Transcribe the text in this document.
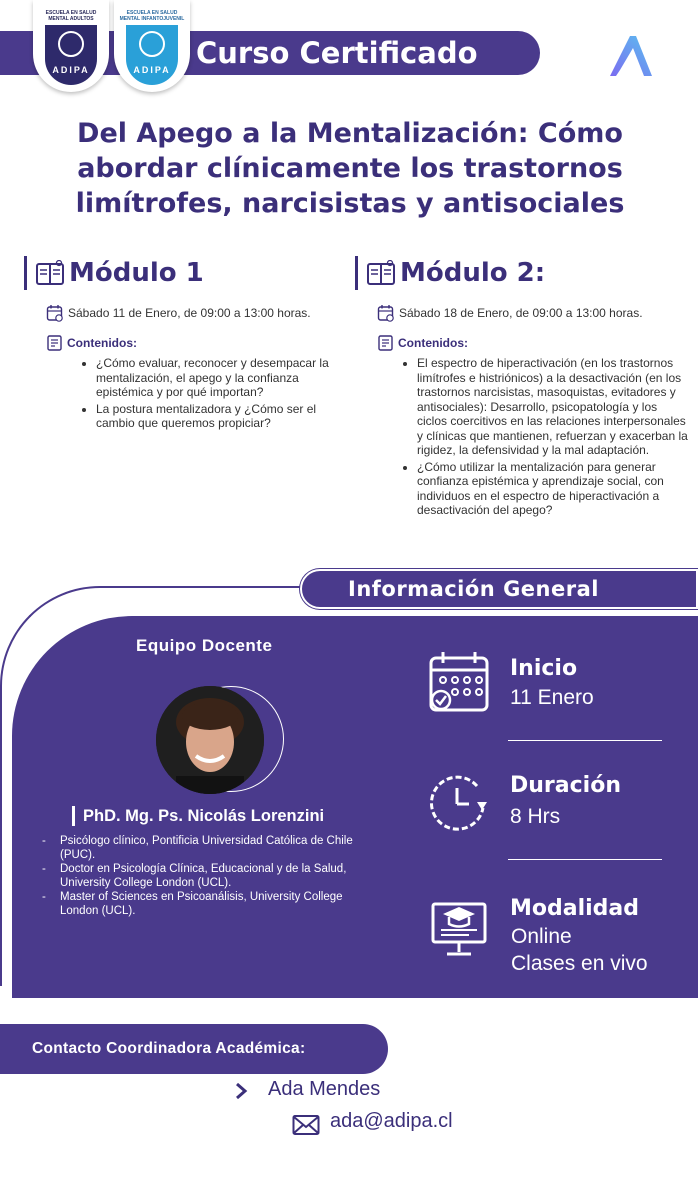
Curso Certificado
ESCUELA EN SALUD MENTAL ADULTOS
ADIPA
ESCUELA EN SALUD MENTAL INFANTOJUVENIL
ADIPA
Del Apego a la Mentalización: Cómo abordar clínicamente los trastornos limítrofes, narcisistas y antisociales
Módulo 1
Sábado 11 de Enero, de 09:00 a 13:00 horas.
Contenidos:
• ¿Cómo evaluar, reconocer y desempacar la mentalización, el apego y la confianza epistémica y por qué importan?
• La postura mentalizadora y ¿Cómo ser el cambio que queremos propiciar?
Módulo 2:
Sábado 18 de Enero, de 09:00 a 13:00 horas.
Contenidos:
• El espectro de hiperactivación (en los trastornos limítrofes e histriónicos) a la desactivación (en los trastornos narcisistas, masoquistas, evitadores y antisociales): Desarrollo, psicopatología y los ciclos coercitivos en las relaciones interpersonales y clínicas que mantienen, refuerzan y exacerban la rigidez, la defensividad y la mal adaptación.
• ¿Cómo utilizar la mentalización para generar confianza epistémica y aprendizaje social, con individuos en el espectro de hiperactivación a desactivación del apego?
Información General
Equipo Docente
PhD. Mg. Ps. Nicolás Lorenzini
- Psicólogo clínico, Pontificia Universidad Católica de Chile (PUC).
- Doctor en Psicología Clínica, Educacional y de la Salud, University College London (UCL).
- Master of Sciences en Psicoanálisis, University College London (UCL).
Inicio
11 Enero
Duración
8 Hrs
Modalidad
Online
Clases en vivo
Contacto Coordinadora Académica:
Ada Mendes
ada@adipa.cl
